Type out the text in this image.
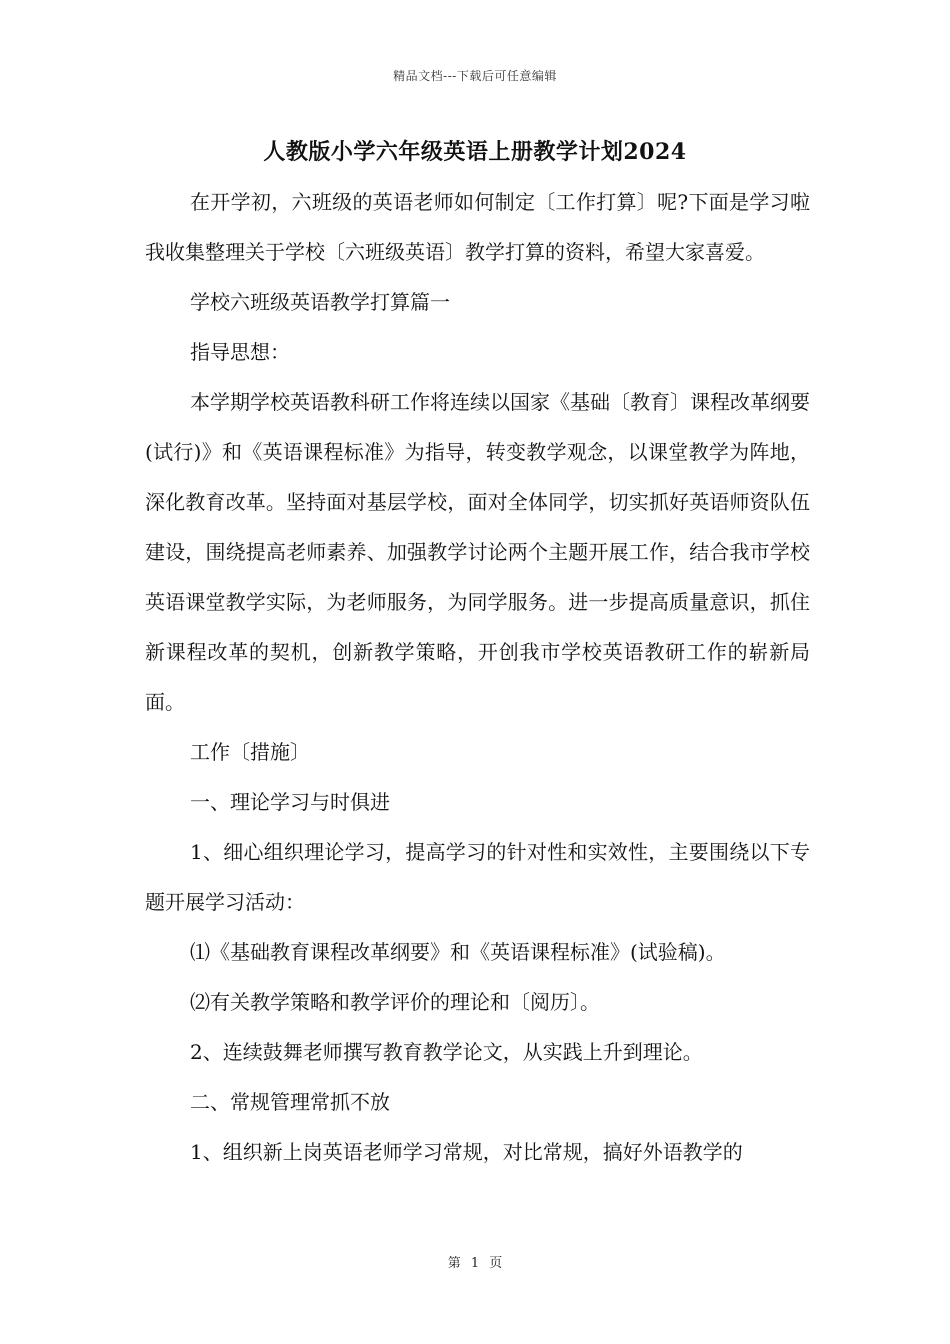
精品文档---下载后可任意编辑
人教版小学六年级英语上册教学计划2024

在开学初，六班级的英语老师如何制定〔工作打算〕呢?下面是学习啦我收集整理关于学校〔六班级英语〕教学打算的资料，希望大家喜爱。

学校六班级英语教学打算篇一

指导思想：

本学期学校英语教科研工作将连续以国家《基础〔教育〕课程改革纲要(试行)》和《英语课程标准》为指导，转变教学观念，以课堂教学为阵地，深化教育改革。坚持面对基层学校，面对全体同学，切实抓好英语师资队伍建设，围绕提高老师素养、加强教学讨论两个主题开展工作，结合我市学校英语课堂教学实际，为老师服务，为同学服务。进一步提高质量意识，抓住新课程改革的契机，创新教学策略，开创我市学校英语教研工作的崭新局面。

工作〔措施〕

一、理论学习与时俱进

1、细心组织理论学习，提高学习的针对性和实效性，主要围绕以下专题开展学习活动：

⑴《基础教育课程改革纲要》和《英语课程标准》(试验稿)。

⑵有关教学策略和教学评价的理论和〔阅历〕。

2、连续鼓舞老师撰写教育教学论文，从实践上升到理论。

二、常规管理常抓不放

1、组织新上岗英语老师学习常规，对比常规，搞好外语教学的

第 1 页
